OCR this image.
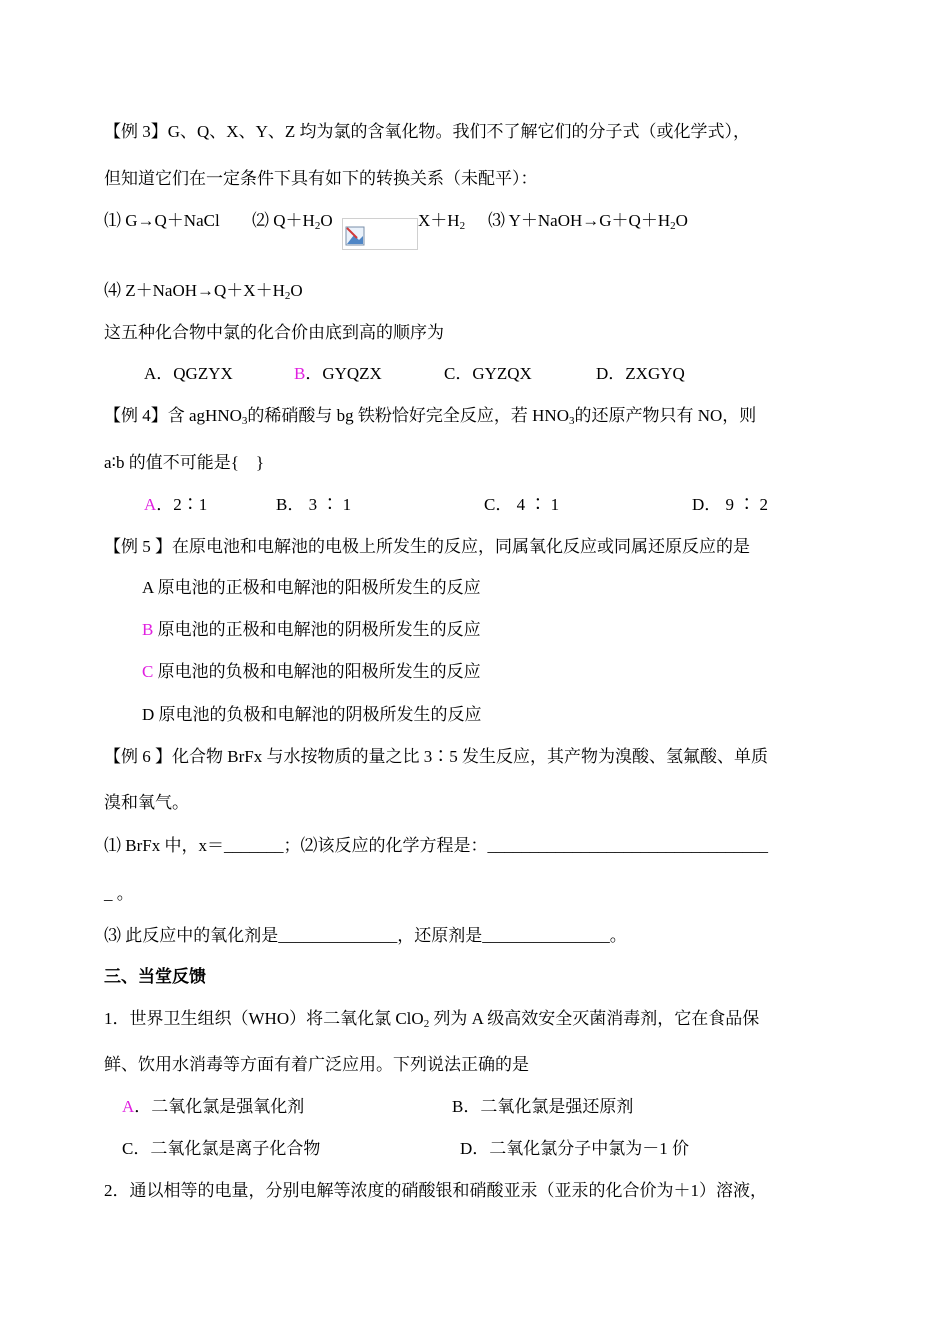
【例 3】G、Q、X、Y、Z 均为氯的含氧化物。我们不了解它们的分子式（或化学式），
但知道它们在一定条件下具有如下的转换关系（未配平）：
⑴ G→Q＋NaCl ⑵ $Q+H_2O$	$X+H_2$ ⑶ $Y+NaOH\to G+Q+H_2O$
⑷ $Z+NaOH\to Q+X+H_2O$
这五种化合物中氯的化合价由底到高的顺序为
A．QGZYX	B．GYQZX	C．GYZQX	D．ZXGYQ
【例 4】含 agHNO$_3$的稀硝酸与 bg 铁粉恰好完全反应，若 $HNO_3$的还原产物只有 NO，则
a∶b 的值不可能是{　}
A．2∶1	B． 3 ∶ 1	C． 4 ∶ 1	D． 9 ∶ 2
【例 5 】在原电池和电解池的电极上所发生的反应，同属氧化反应或同属还原反应的是
A 原电池的正极和电解池的阳极所发生的反应
B 原电池的正极和电解池的阴极所发生的反应
C 原电池的负极和电解池的阳极所发生的反应
D 原电池的负极和电解池的阴极所发生的反应
【例 6 】化合物 BrFx 与水按物质的量之比 3∶5 发生反应，其产物为溴酸、氢氟酸、单质
溴和氧气。
⑴ BrFx 中，x＝_______；⑵该反应的化学方程是：_________________________________
_ 。
⑶ 此反应中的氧化剂是______________，还原剂是_______________。
三、当堂反馈
1．世界卫生组织（WHO）将二氧化氯 ClO$_2$ 列为 A 级高效安全灭菌消毒剂，它在食品保
鲜、饮用水消毒等方面有着广泛应用。下列说法正确的是
A．二氧化氯是强氧化剂	B．二氧化氯是强还原剂
C．二氧化氯是离子化合物	D．二氧化氯分子中氯为－1 价
2．通以相等的电量，分别电解等浓度的硝酸银和硝酸亚汞（亚汞的化合价为＋1）溶液，
